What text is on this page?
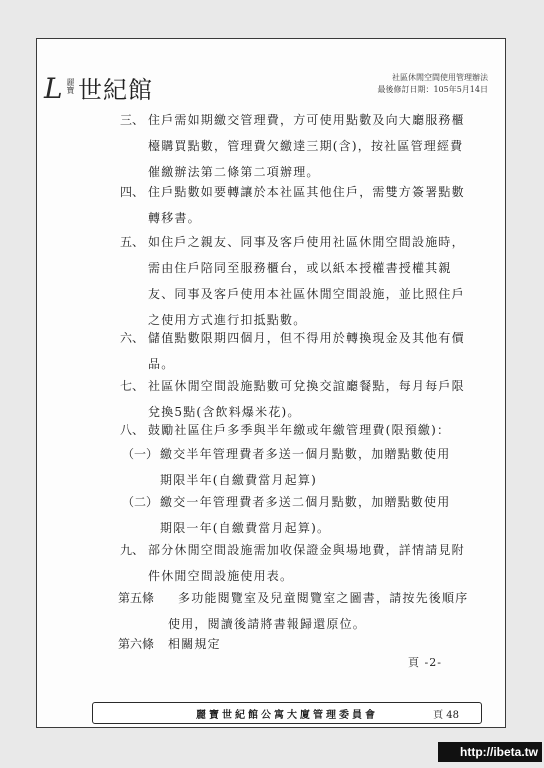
L 麗寶 世紀館	社區休閒空間使用管理辦法
最後修訂日期：105年5月14日
三、 住戶需如期繳交管理費，方可使用點數及向大廳服務櫃
檯購買點數，管理費欠繳達三期(含)，按社區管理經費
催繳辦法第二條第二項辦理。
四、 住戶點數如要轉讓於本社區其他住戶，需雙方簽署點數
轉移書。
五、 如住戶之親友、同事及客戶使用社區休閒空間設施時，
需由住戶陪同至服務櫃台，或以紙本授權書授權其親
友、同事及客戶使用本社區休閒空間設施，並比照住戶
之使用方式進行扣抵點數。
六、 儲值點數限期四個月，但不得用於轉換現金及其他有價
品。
七、 社區休閒空間設施點數可兌換交誼廳餐點，每月每戶限
兌換5點(含飲料爆米花)。
八、 鼓勵社區住戶多季與半年繳或年繳管理費(限預繳)：
（一） 繳交半年管理費者多送一個月點數，加贈點數使用
期限半年(自繳費當月起算)
（二） 繳交一年管理費者多送二個月點數，加贈點數使用
期限一年(自繳費當月起算)。
九、 部分休閒空間設施需加收保證金與場地費，詳情請見附
件休閒空間設施使用表。
第五條 多功能閱覽室及兒童閱覽室之圖書，請按先後順序
使用，閱讀後請將書報歸還原位。
第六條 相關規定
頁 -2-
麗寶世紀館公寓大廈管理委員會	頁 48
http://ibeta.tw
